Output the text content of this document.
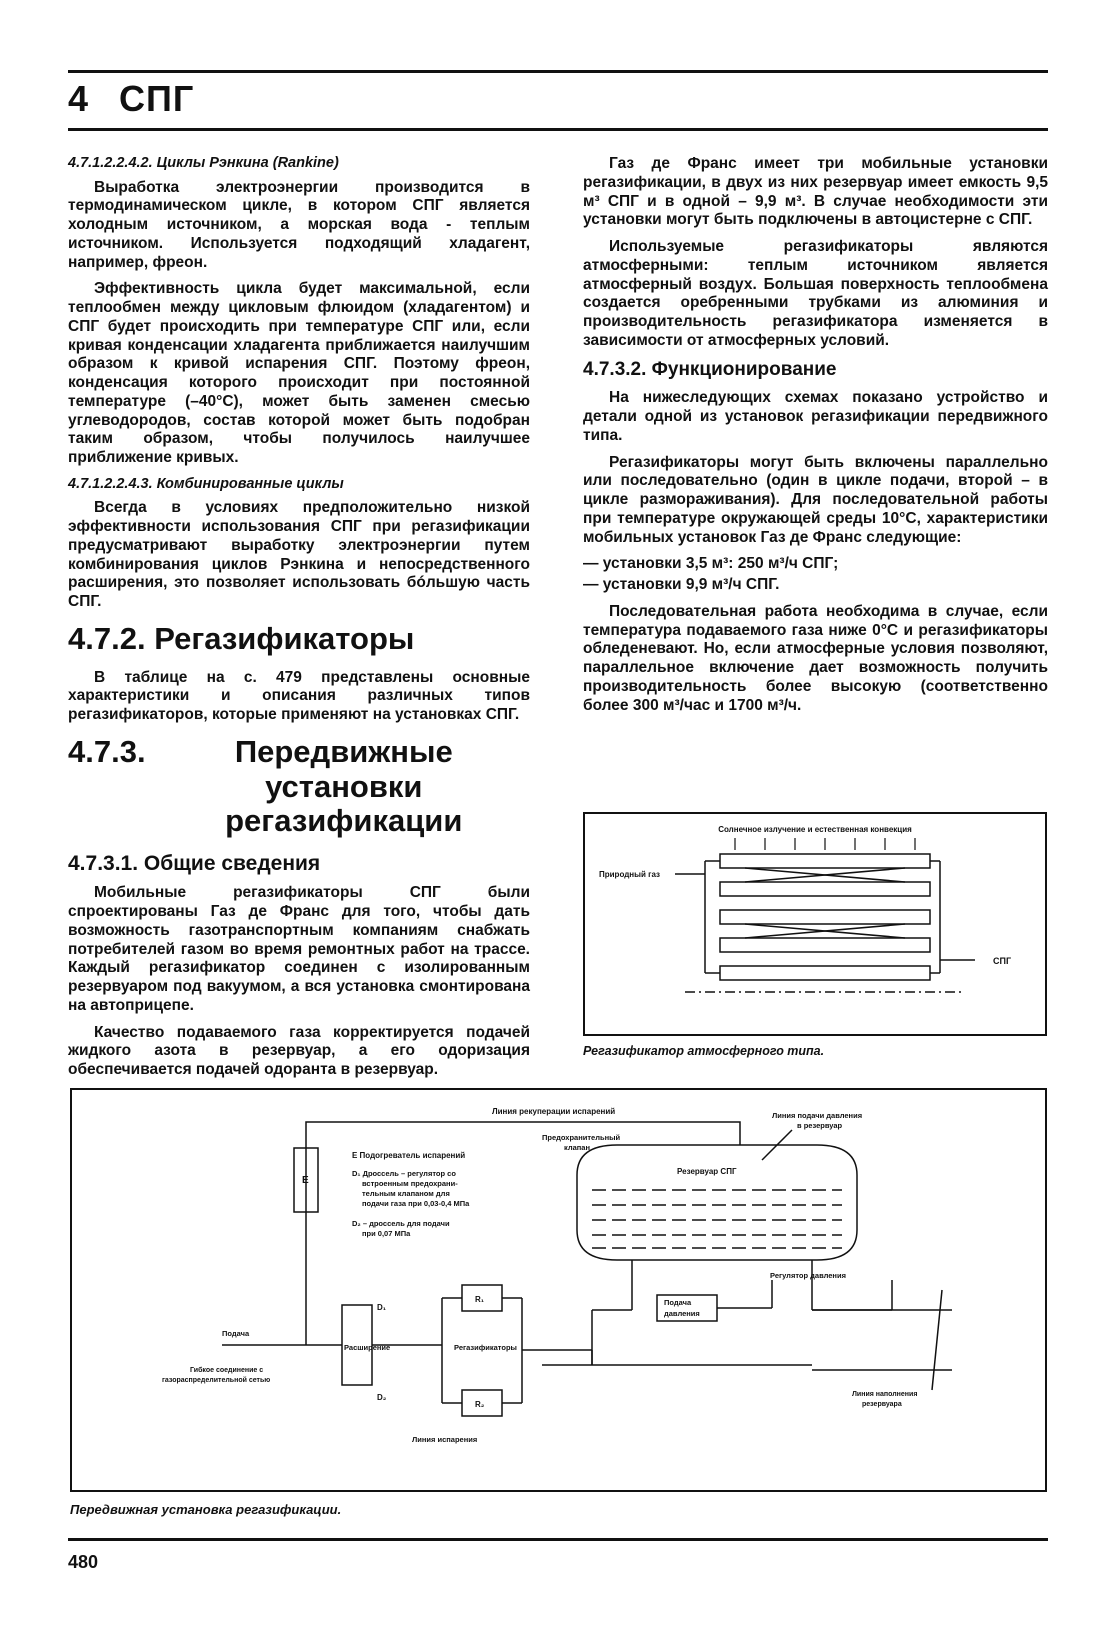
4 СПГ
4.7.1.2.2.4.2. Циклы Рэнкина (Rankine)

Выработка электроэнергии производится в термодинамическом цикле, в котором СПГ является холодным источником, а морская вода - теплым источником. Используется подходящий хладагент, например, фреон.

Эффективность цикла будет максимальной, если теплообмен между цикловым флюидом (хладагентом) и СПГ будет происходить при температуре СПГ или, если кривая конденсации хладагента приближается наилучшим образом к кривой испарения СПГ. Поэтому фреон, конденсация которого происходит при постоянной температуре (–40°С), может быть заменен смесью углеводородов, состав которой может быть подобран таким образом, чтобы получилось наилучшее приближение кривых.

4.7.1.2.2.4.3. Комбинированные циклы

Всегда в условиях предположительно низкой эффективности использования СПГ при регазификации предусматривают выработку электроэнергии путем комбинирования циклов Рэнкина и непосредственного расширения, это позволяет использовать бóльшую часть СПГ.

4.7.2. Регазификаторы

В таблице на с. 479 представлены основные характеристики и описания различных типов регазификаторов, которые применяют на установках СПГ.

4.7.3.	Передвижные установки регазификации
4.7.3.1. Общие сведения

Мобильные регазификаторы СПГ были спроектированы Газ де Франс для того, чтобы дать возможность газотранспортным компаниям снабжать потребителей газом во время ремонтных работ на трассе. Каждый регазификатор соединен с изолированным резервуаром под вакуумом, а вся установка смонтирована на автоприцепе.

Качество подаваемого газа корректируется подачей жидкого азота в резервуар, а его одоризация обеспечивается подачей одоранта в резервуар.

Газ де Франс имеет три мобильные установки регазификации, в двух из них резервуар имеет емкость 9,5 м³ СПГ и в одной – 9,9 м³. В случае необходимости эти установки могут быть подключены в автоцистерне с СПГ.

Используемые регазификаторы являются атмосферными: теплым источником является атмосферный воздух. Большая поверхность теплообмена создается оребренными трубками из алюминия и производительность регазификатора изменяется в зависимости от атмосферных условий.

4.7.3.2. Функционирование

На нижеследующих схемах показано устройство и детали одной из установок регазификации передвижного типа.

Регазификаторы могут быть включены параллельно или последовательно (один в цикле подачи, второй – в цикле размораживания). Для последовательной работы при температуре окружающей среды 10°С, характеристики мобильных установок Газ де Франс следующие:

— установки 3,5 м³: 250 м³/ч СПГ;
— установки 9,9 м³/ч СПГ.

Последовательная работа необходима в случае, если температура подаваемого газа ниже 0°С и регазификаторы обледеневают. Но, если атмосферные условия позволяют, параллельное включение дает возможность получить производительность более высокую (соответственно более 300 м³/час и 1700 м³/ч.

Солнечное излучение и естественная конвекция
Природный газ
СПГ
Регазификатор атмосферного типа.
Линия рекуперации испарений
E
E Подогреватель испарений
D₁ Дроссель – регулятор со
встроенным предохрани-
тельным клапаном для
подачи газа при 0,03-0,4 МПа
D₂ – дроссель для подачи
при 0,07 МПа
Предохранительный
клапан
Линия подачи давления
в резервуар
Резервуар СПГ
D₁
D₂
R₁
R₂
Расширение	Регазификаторы
Подача
Гибкое соединение с
газораспределительной сетью
Подача
давления
Регулятор давления
Линия наполнения
резервуара
Линия испарения
Передвижная установка регазификации.
480
